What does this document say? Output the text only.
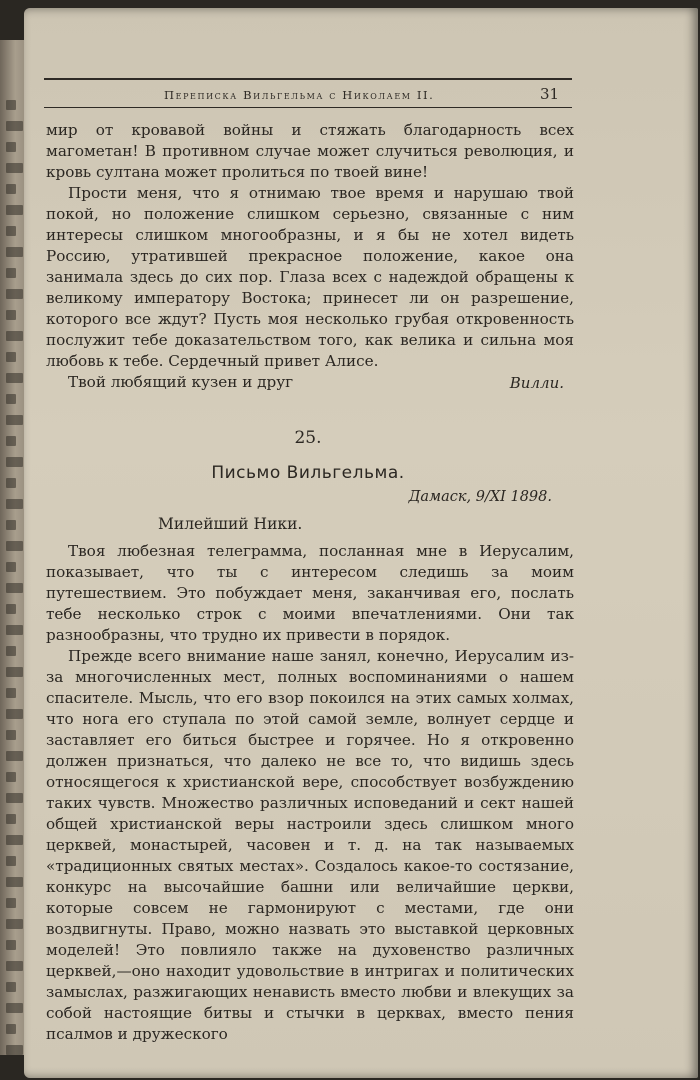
Переписка Вильгельма с Николаем II.	31

мир от кровавой войны и стяжать благодарность всех магометан! В противном случае может случиться революция, и кровь султана может пролиться по твоей вине!

Прости меня, что я отнимаю твое время и нарушаю твой покой, но положение слишком серьезно, связанные с ним интересы слишком многообразны, и я бы не хотел видеть Россию, утратившей прекрасное положение, какое она занимала здесь до сих пор. Глаза всех с надеждой обращены к великому императору Востока; принесет ли он разрешение, которого все ждут? Пусть моя несколько грубая откровенность послужит тебе доказательством того, как велика и сильна моя любовь к тебе. Сердечный привет Алисе.

Твой любящий кузен и друг	Вилли.
25.
Письмо Вильгельма.
Дамаск, 9/XI 1898.
Милейший Ники.

Твоя любезная телеграмма, посланная мне в Иерусалим, показывает, что ты с интересом следишь за моим путешествием. Это побуждает меня, заканчивая его, послать тебе несколько строк с моими впечатлениями. Они так разнообразны, что трудно их привести в порядок.

Прежде всего внимание наше занял, конечно, Иерусалим из-за многочисленных мест, полных воспоминаниями о нашем спасителе. Мысль, что его взор покоился на этих самых холмах, что нога его ступала по этой самой земле, волнует сердце и заставляет его биться быстрее и горячее. Но я откровенно должен признаться, что далеко не все то, что видишь здесь относящегося к христианской вере, способствует возбуждению таких чувств. Множество различных исповеданий и сект нашей общей христианской веры настроили здесь слишком много церквей, монастырей, часовен и т. д. на так называемых «традиционных святых местах». Создалось какое-то состязание, конкурс на высочайшие башни или величайшие церкви, которые совсем не гармонируют с местами, где они воздвигнуты. Право, можно назвать это выставкой церковных моделей! Это повлияло также на духовенство различных церквей,—оно находит удовольствие в интригах и политических замыслах, разжигающих ненависть вместо любви и влекущих за собой настоящие битвы и стычки в церквах, вместо пения псалмов и дружеского
